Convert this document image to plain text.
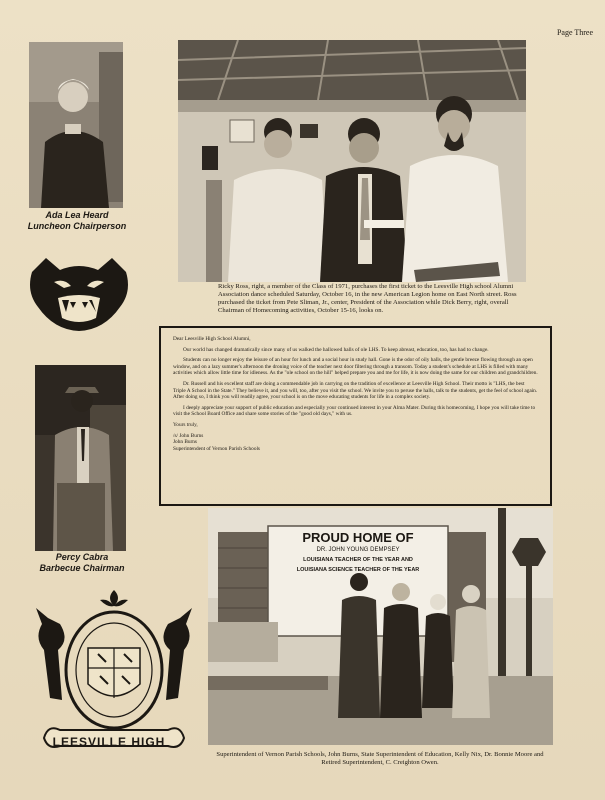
Page Three
Ada Lea Heard
Luncheon Chairperson
Percy Cabra
Barbecue Chairman
LEESVILLE HIGH
Ricky Ross, right, a member of the Class of 1971, purchases the first ticket to the Leesville High school Alumni Association dance scheduled Saturday, October 16, in the new American Legion home on East North street. Ross purchased the ticket from Pete Sliman, Jr., center, President of the Association while Dick Berry, right, overall Chairman of Homecoming activities, October 15-16, looks on.

Dear Leesville High School Alumni,

Our world has changed dramatically since many of us walked the hallowed halls of ole LHS. To keep abreast, education, too, has had to change.

Students can no longer enjoy the leisure of an hour for lunch and a social hour in study hall. Gone is the odor of oily halls, the gentle breeze flowing through an open window, and on a lazy summer's afternoon the droning voice of the teacher next door filtering through a transom. Today a student's schedule at LHS is filled with many activities which allow little time for idleness. As the "ole school on the hill" helped prepare you and me for life, it is now doing the same for our children and grandchildren.

Dr. Russell and his excellent staff are doing a commendable job in carrying on the tradition of excellence at Leesville High School. Their motto is "LHS, the best Triple A School in the State." They believe it, and you will, too, after you visit the school. We invite you to peruse the halls, talk to the students, get the feel of school again. After doing so, I think you will readily agree, your school is on the move educating students for life in a complex society.

I deeply appreciate your support of public education and especially your continued interest in your Alma Mater. During this homecoming, I hope you will take time to visit the School Board Office and share some stories of the "good old days," with us.

Yours truly,

/s/ John Burns

John Burns

Superintendent of Vernon Parish Schools

PROUD HOME OF
DR. JOHN YOUNG DEMPSEY
LOUISIANA TEACHER OF THE YEAR AND
LOUISIANA SCIENCE TEACHER OF THE YEAR
Superintendent of Vernon Parish Schools, John Burns, State Superintendent of Education, Kelly Nix, Dr. Bonnie Moore and Retired Superintendent, C. Creighton Owen.
